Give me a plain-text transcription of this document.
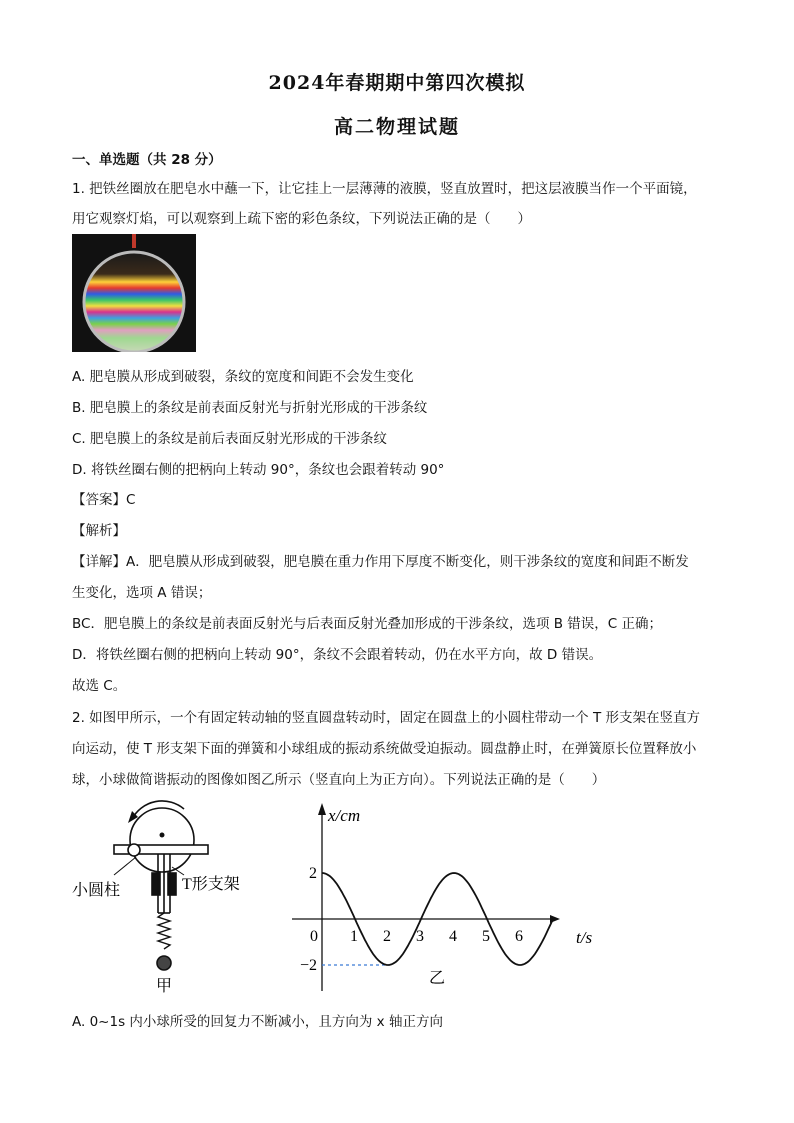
2024年春期期中第四次模拟
高二物理试题
一、单选题（共 28 分）
1. 把铁丝圈放在肥皂水中蘸一下，让它挂上一层薄薄的液膜，竖直放置时，把这层液膜当作一个平面镜，
用它观察灯焰，可以观察到上疏下密的彩色条纹，下列说法正确的是（　　）
A. 肥皂膜从形成到破裂，条纹的宽度和间距不会发生变化
B. 肥皂膜上的条纹是前表面反射光与折射光形成的干涉条纹
C. 肥皂膜上的条纹是前后表面反射光形成的干涉条纹
D. 将铁丝圈右侧的把柄向上转动 90°，条纹也会跟着转动 90°
【答案】C
【解析】
【详解】A．肥皂膜从形成到破裂，肥皂膜在重力作用下厚度不断变化，则干涉条纹的宽度和间距不断发
生变化，选项 A 错误；
BC．肥皂膜上的条纹是前表面反射光与后表面反射光叠加形成的干涉条纹，选项 B 错误，C 正确；
D．将铁丝圈右侧的把柄向上转动 90°，条纹不会跟着转动，仍在水平方向，故 D 错误。
故选 C。
2. 如图甲所示，一个有固定转动轴的竖直圆盘转动时，固定在圆盘上的小圆柱带动一个 T 形支架在竖直方
向运动，使 T 形支架下面的弹簧和小球组成的振动系统做受迫振动。圆盘静止时，在弹簧原长位置释放小
球，小球做简谐振动的图像如图乙所示（竖直向上为正方向）。下列说法正确的是（　　）
小圆柱	T形支架
甲
1 2 3 4 5 6
x/cm
t/s
0
2
−2
乙
A. 0~1s 内小球所受的回复力不断减小，且方向为 x 轴正方向
